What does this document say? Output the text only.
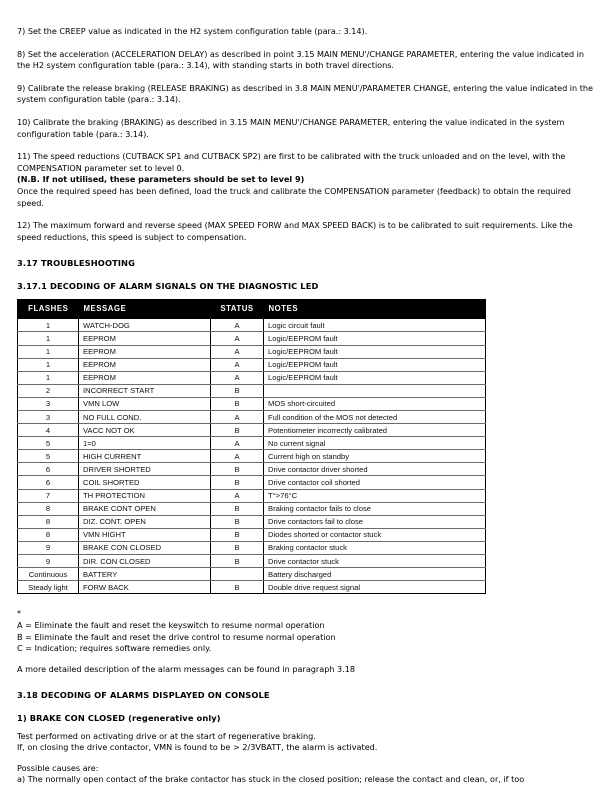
7) Set the CREEP value as indicated in the H2 system configuration table (para.: 3.14).

8) Set the acceleration (ACCELERATION DELAY) as described in point 3.15 MAIN MENU'/CHANGE PARAMETER, entering the value indicated in the H2 system configuration table (para.: 3.14), with standing starts in both travel directions.

9) Calibrate the release braking (RELEASE BRAKING) as described in 3.8 MAIN MENU'/PARAMETER CHANGE, entering the value indicated in the system configuration table (para.: 3.14).

10) Calibrate the braking (BRAKING) as described in 3.15 MAIN MENU'/CHANGE PARAMETER, entering the value indicated in the system configuration table (para.: 3.14).

11) The speed reductions (CUTBACK SP1 and CUTBACK SP2) are first to be calibrated with the truck unloaded and on the level, with the COMPENSATION parameter set to level 0.

(N.B. If not utilised, these parameters should be set to level 9)

Once the required speed has been defined, load the truck and calibrate the COMPENSATION parameter (feedback) to obtain the required speed.

12) The maximum forward and reverse speed (MAX SPEED FORW and MAX SPEED BACK) is to be calibrated to suit requirements. Like the speed reductions, this speed is subject to compensation.

3.17 TROUBLESHOOTING
3.17.1 DECODING OF ALARM SIGNALS ON THE DIAGNOSTIC LED
FLASHES	MESSAGE	STATUS	NOTES
1	WATCH-DOG	A	Logic circuit fault
1	EEPROM	A	Logic/EEPROM fault
1	EEPROM	A	Logic/EEPROM fault
1	EEPROM	A	Logic/EEPROM fault
1	EEPROM	A	Logic/EEPROM fault
2	INCORRECT START	B	
3	VMN LOW	B	MOS short-circuited
3	NO FULL COND.	A	Full condition of the MOS not detected
4	VACC NOT OK	B	Potentiometer incorrectly calibrated
5	1=0	A	No current signal
5	HIGH CURRENT	A	Current high on standby
6	DRIVER SHORTED	B	Drive contactor driver shorted
6	COIL SHORTED	B	Drive contactor coil shorted
7	TH PROTECTION	A	T°>76°C
8	BRAKE CONT OPEN	B	Braking contactor fails to close
8	DIZ. CONT. OPEN	B	Drive contactors fail to close
8	VMN HIGHT	B	Diodes shorted or contactor stuck
9	BRAKE CON CLOSED	B	Braking contactor stuck
9	DIR. CON CLOSED	B	Drive contactor stuck
Continuous	BATTERY		Battery discharged
Steady light	FORW BACK	B	Double drive request signal

*

A = Eliminate the fault and reset the keyswitch to resume normal operation

B = Eliminate the fault and reset the drive control to resume normal operation

C = Indication; requires software remedies only.

A more detailed description of the alarm messages can be found in paragraph 3.18

3.18 DECODING OF ALARMS DISPLAYED ON CONSOLE
1) BRAKE CON CLOSED (regenerative only)

Test performed on activating drive or at the start of regenerative braking.

If, on closing the drive contactor, VMN is found to be > 2/3VBATT, the alarm is activated.

Possible causes are:

a) The normally open contact of the brake contactor has stuck in the closed position; release the contact and clean, or, if too
